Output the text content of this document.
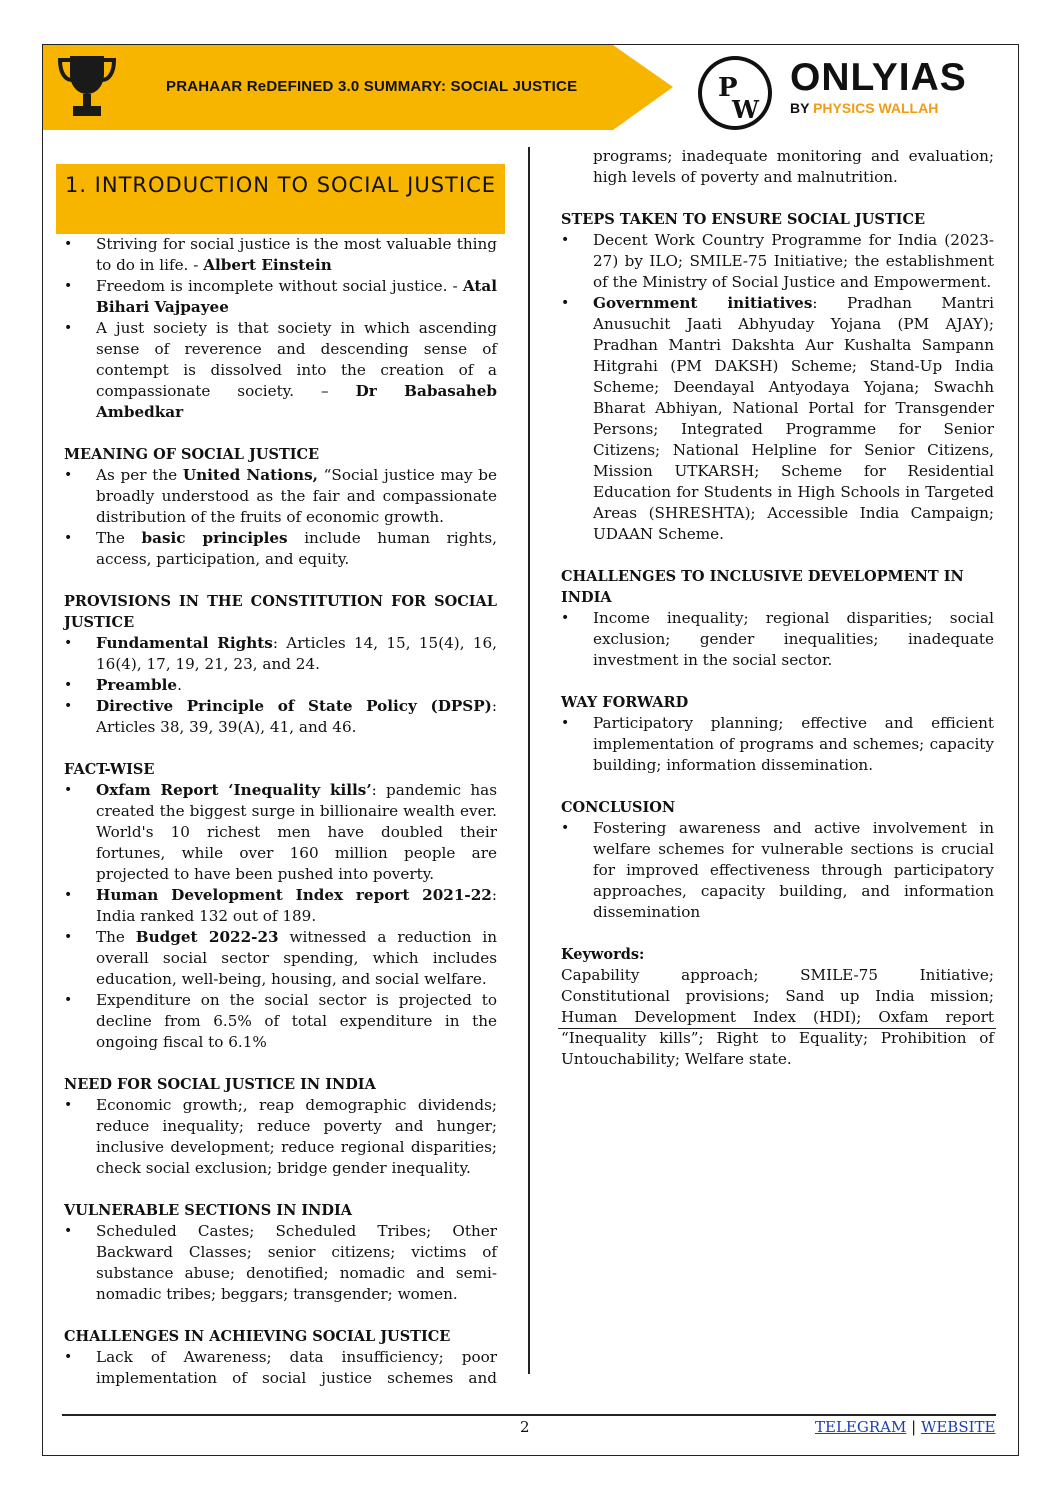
PRAHAAR ReDEFINED 3.0 SUMMARY: SOCIAL JUSTICE	P
W
ONLYIAS
BY PHYSICS WALLAH
1. INTRODUCTION TO SOCIAL JUSTICE
• Striving for social justice is the most valuable thing to do in life. - Albert Einstein
• Freedom is incomplete without social justice. - Atal Bihari Vajpayee
• A just society is that society in which ascending sense of reverence and descending sense of contempt is dissolved into the creation of a compassionate society. – Dr Babasaheb Ambedkar

MEANING OF SOCIAL JUSTICE

• As per the United Nations, “Social justice may be broadly understood as the fair and compassionate distribution of the fruits of economic growth.
• The basic principles include human rights, access, participation, and equity.

PROVISIONS IN THE CONSTITUTION FOR SOCIAL JUSTICE

• Fundamental Rights: Articles 14, 15, 15(4), 16, 16(4), 17, 19, 21, 23, and 24.
• Preamble.
• Directive Principle of State Policy (DPSP): Articles 38, 39, 39(A), 41, and 46.

FACT-WISE

• Oxfam Report ‘Inequality kills’: pandemic has created the biggest surge in billionaire wealth ever. World's 10 richest men have doubled their fortunes, while over 160 million people are projected to have been pushed into poverty.
• Human Development Index report 2021-22: India ranked 132 out of 189.
• The Budget 2022-23 witnessed a reduction in overall social sector spending, which includes education, well-being, housing, and social welfare.
• Expenditure on the social sector is projected to decline from 6.5% of total expenditure in the ongoing fiscal to 6.1%

NEED FOR SOCIAL JUSTICE IN INDIA

• Economic growth;, reap demographic dividends; reduce inequality; reduce poverty and hunger; inclusive development; reduce regional disparities; check social exclusion; bridge gender inequality.

VULNERABLE SECTIONS IN INDIA

• Scheduled Castes; Scheduled Tribes; Other Backward Classes; senior citizens; victims of substance abuse; denotified; nomadic and semi-nomadic tribes; beggars; transgender; women.

CHALLENGES IN ACHIEVING SOCIAL JUSTICE

• Lack of Awareness; data insufficiency; poor implementation of social justice schemes and
programs; inadequate monitoring and evaluation; high levels of poverty and malnutrition.

STEPS TAKEN TO ENSURE SOCIAL JUSTICE

• Decent Work Country Programme for India (2023-27) by ILO; SMILE-75 Initiative; the establishment of the Ministry of Social Justice and Empowerment.
• Government initiatives: Pradhan Mantri Anusuchit Jaati Abhyuday Yojana (PM AJAY); Pradhan Mantri Dakshta Aur Kushalta Sampann Hitgrahi (PM DAKSH) Scheme; Stand-Up India Scheme; Deendayal Antyodaya Yojana; Swachh Bharat Abhiyan, National Portal for Transgender Persons; Integrated Programme for Senior Citizens; National Helpline for Senior Citizens, Mission UTKARSH; Scheme for Residential Education for Students in High Schools in Targeted Areas (SHRESHTA); Accessible India Campaign; UDAAN Scheme.

CHALLENGES TO INCLUSIVE DEVELOPMENT IN INDIA

• Income inequality; regional disparities; social exclusion; gender inequalities; inadequate investment in the social sector.

WAY FORWARD

• Participatory planning; effective and efficient implementation of programs and schemes; capacity building; information dissemination.

CONCLUSION

• Fostering awareness and active involvement in welfare schemes for vulnerable sections is crucial for improved effectiveness through participatory approaches, capacity building, and information dissemination

Keywords:

Capability approach; SMILE-75 Initiative; Constitutional provisions; Sand up India mission; Human Development Index (HDI); Oxfam report “Inequality kills”; Right to Equality; Prohibition of Untouchability; Welfare state.
2	TELEGRAM | WEBSITE
